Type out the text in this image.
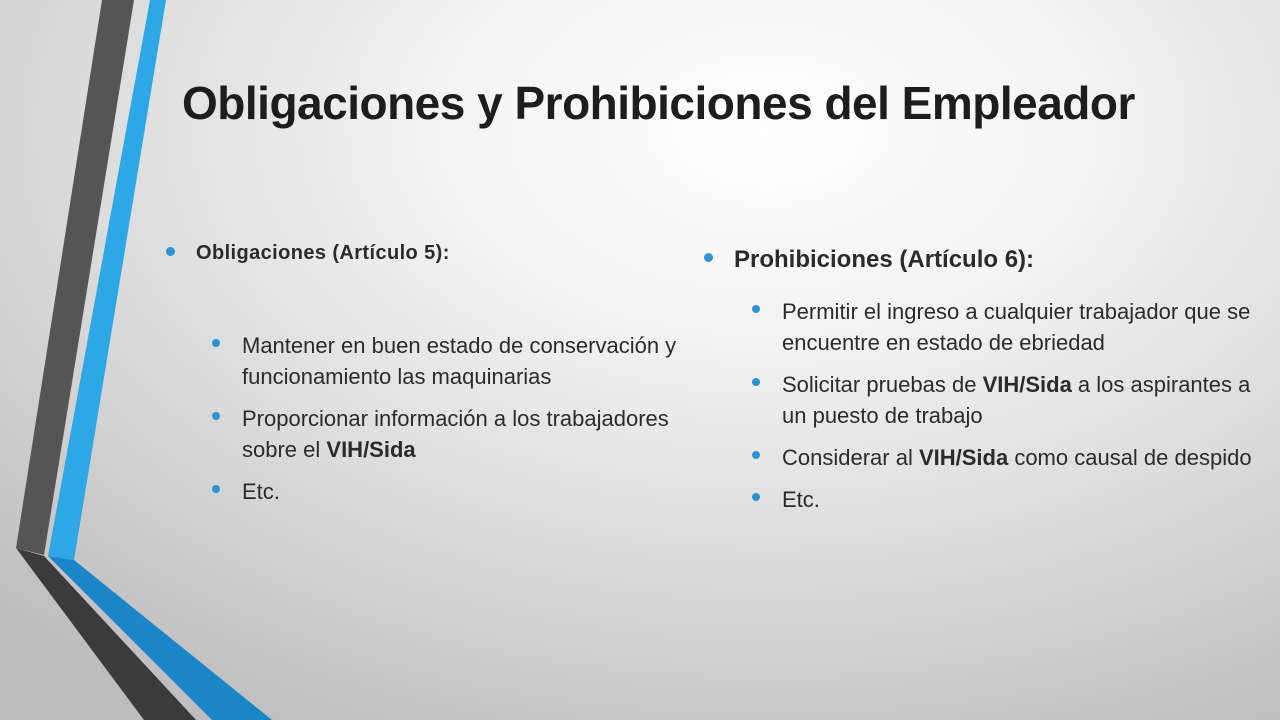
Obligaciones y Prohibiciones del Empleador
Obligaciones (Artículo 5):
Mantener en buen estado de conservación y funcionamiento las maquinarias
Proporcionar información a los trabajadores sobre el VIH/Sida
Etc.
Prohibiciones (Artículo 6):
Permitir el ingreso a cualquier trabajador que se encuentre en estado de ebriedad
Solicitar pruebas de VIH/Sida a los aspirantes a un puesto de trabajo
Considerar al VIH/Sida como causal de despido
Etc.
